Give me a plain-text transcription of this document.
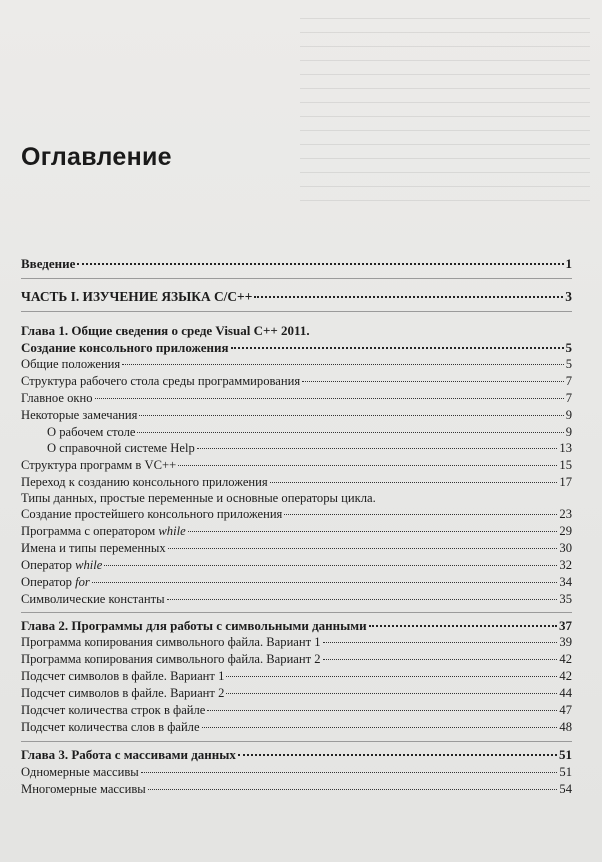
Оглавление
Введение	1
ЧАСТЬ I. ИЗУЧЕНИЕ ЯЗЫКА C/C++	3
Глава 1. Общие сведения о среде Visual C++ 2011.
Создание консольного приложения	5
Общие положения	5
Структура рабочего стола среды программирования	7
Главное окно	7
Некоторые замечания	9
О рабочем столе	9
О справочной системе Help	13
Структура программ в VC++	15
Переход к созданию консольного приложения	17
Типы данных, простые переменные и основные операторы цикла.
Создание простейшего консольного приложения	23
Программа с оператором while	29
Имена и типы переменных	30
Оператор while	32
Оператор for	34
Символические константы	35
Глава 2. Программы для работы с символьными данными	37
Программа копирования символьного файла. Вариант 1	39
Программа копирования символьного файла. Вариант 2	42
Подсчет символов в файле. Вариант 1	42
Подсчет символов в файле. Вариант 2	44
Подсчет количества строк в файле	47
Подсчет количества слов в файле	48
Глава 3. Работа с массивами данных	51
Одномерные массивы	51
Многомерные массивы	54
